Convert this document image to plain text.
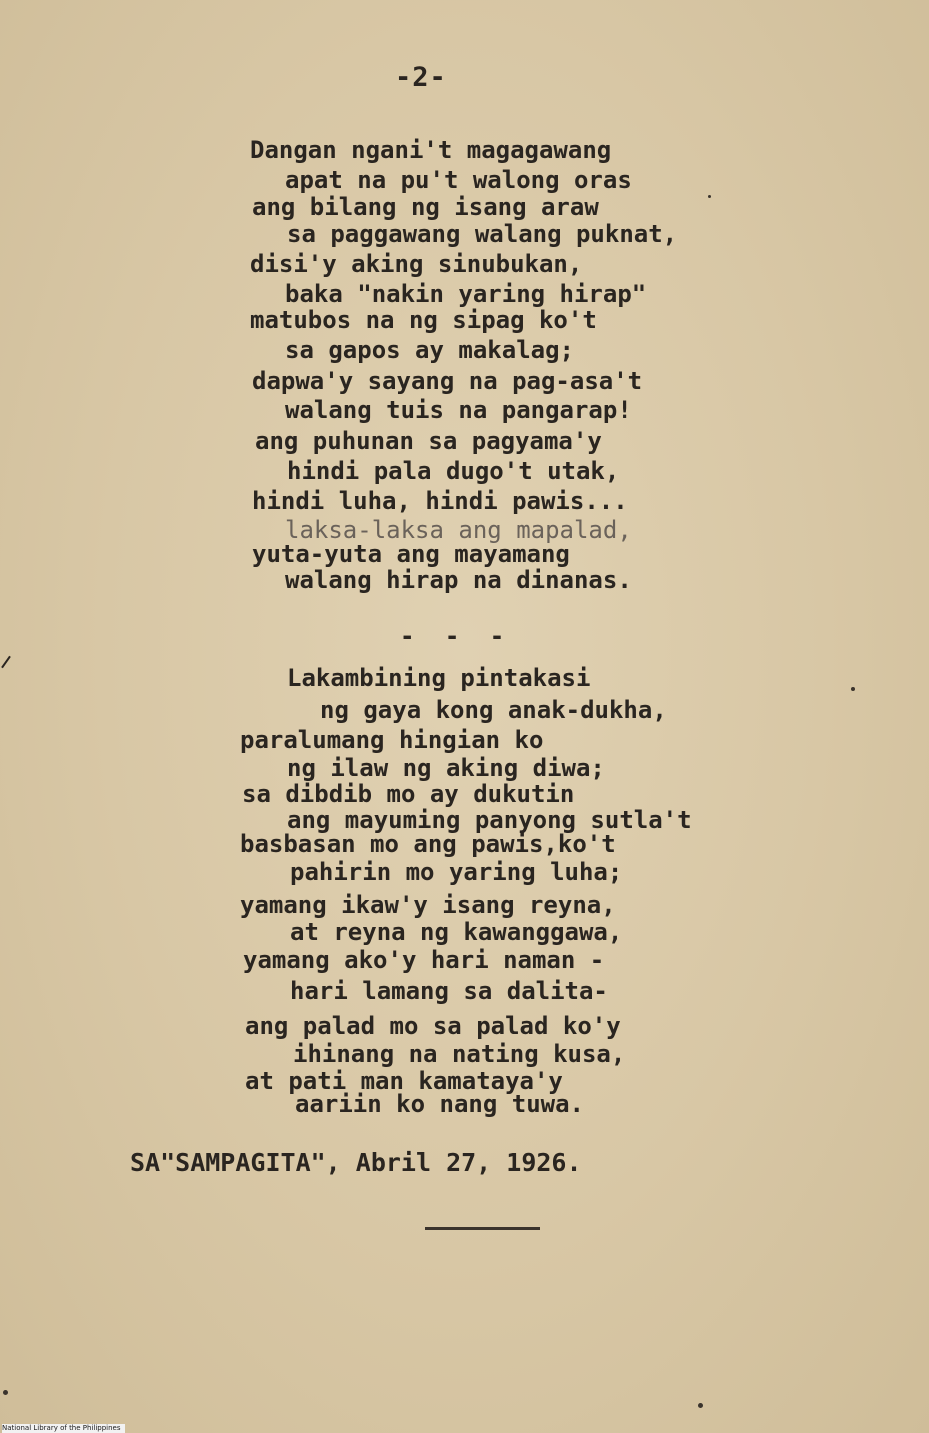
-2-
Dangan nganiꞌt magagawang
apat na puꞌt walong oras
ang bilang ng isang araw
sa paggawang walang puknat,
disiꞌy aking sinubukan,
baka "nakin yaring hirap"
matubos na ng sipag koꞌt
sa gapos ay makalag;
dapwaꞌy sayang na pag-asaꞌt
walang tuis na pangarap!
ang puhunan sa pagyamaꞌy
hindi pala dugoꞌt utak,
hindi luha, hindi pawis...
laksa-laksa ang mapalad,
yuta-yuta ang mayamang
walang hirap na dinanas.
- - -
Lakambining pintakasi
ng gaya kong anak-dukha,
paralumang hingian ko
ng ilaw ng aking diwa;
sa dibdib mo ay dukutin
ang mayuming panyong sutlaꞌt
basbasan mo ang pawis,koꞌt
pahirin mo yaring luha;
yamang ikawꞌy isang reyna,
at reyna ng kawanggawa,
yamang akoꞌy hari naman -
hari lamang sa dalita-
ang palad mo sa palad koꞌy
ihinang na nating kusa,
at pati man kamatayaꞌy
aariin ko nang tuwa.
SA"SAMPAGITA", Abril 27, 1926.
National Library of the Philippines
